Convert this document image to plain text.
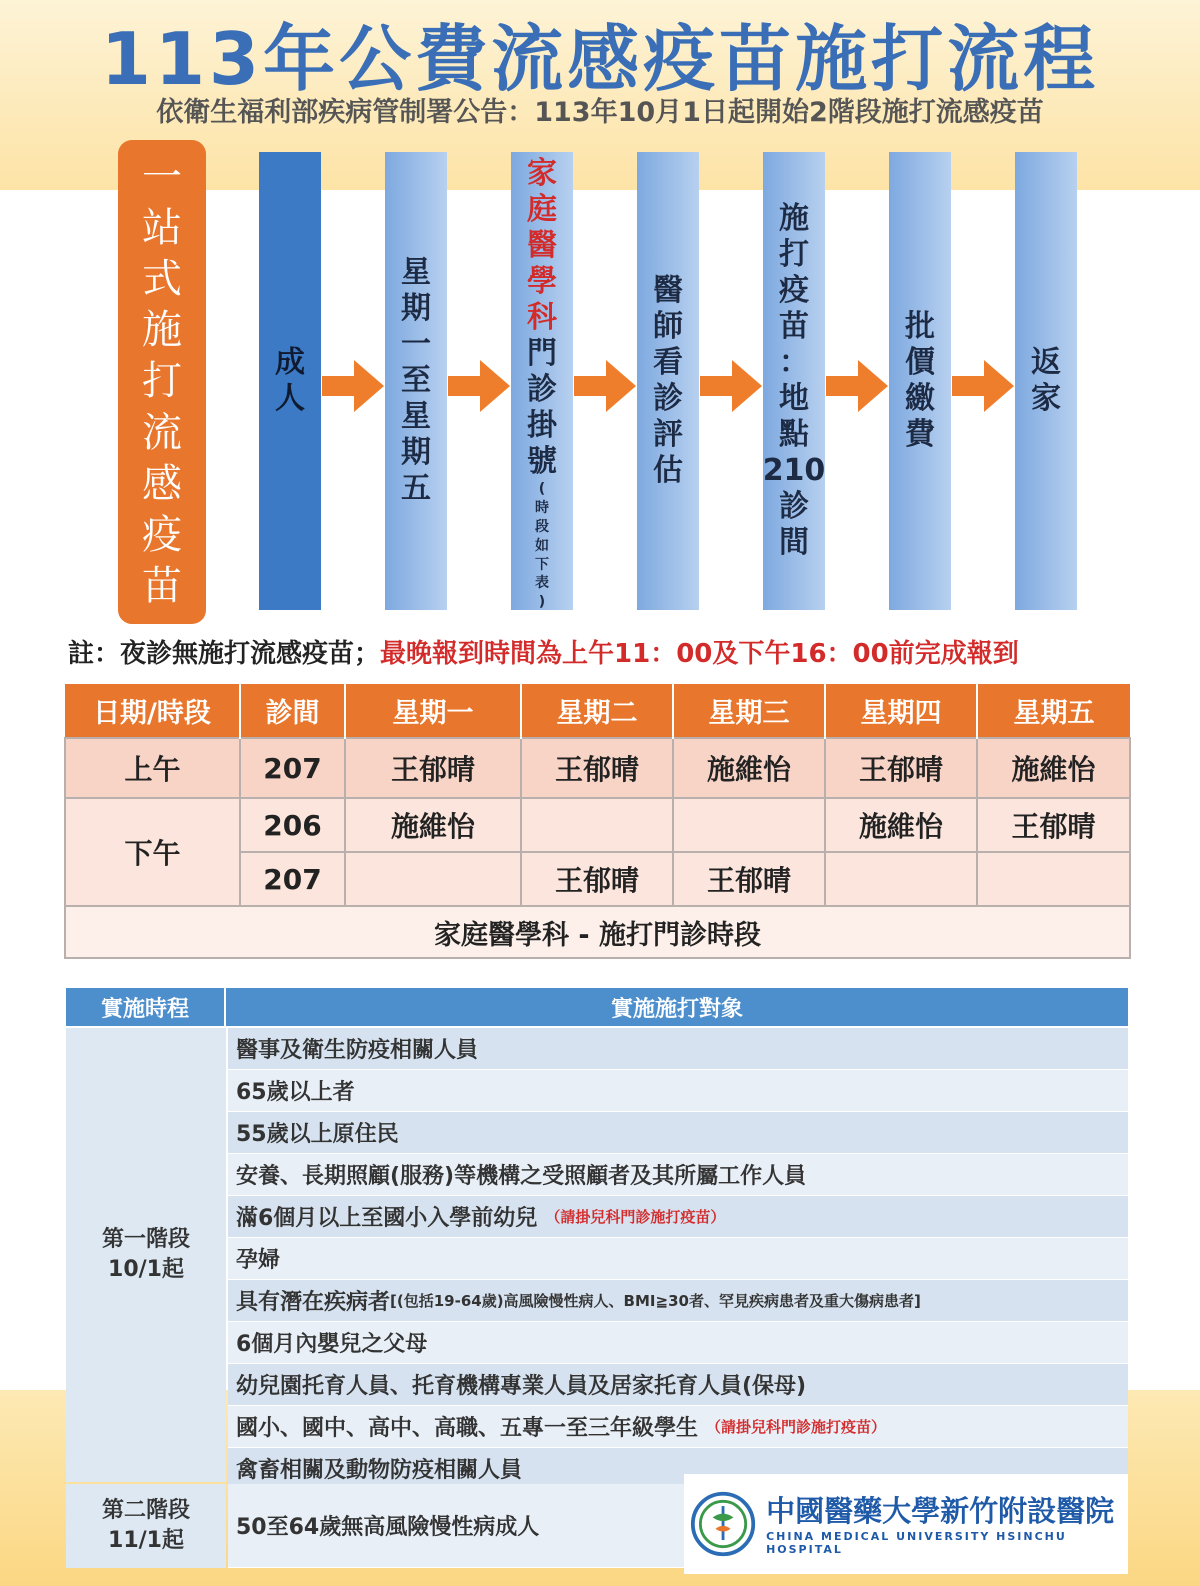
113年公費流感疫苗施打流程
依衛生福利部疾病管制署公告：113年10月1日起開始2階段施打流感疫苗
一
站
式
施
打
流
感
疫
苗
成
人
星
期
一
至
星
期
五
家
庭
醫
學
科
門
診
掛
號
(
時
段
如
下
表
)
醫
師
看
診
評
估
施
打
疫
苗
：
地
點
210
診
間
批
價
繳
費
返
家
註：夜診無施打流感疫苗；最晚報到時間為上午11：00及下午16：00前完成報到
日期/時段	診間	星期一	星期二	星期三	星期四	星期五
上午	207	王郁晴	王郁晴	施維怡	王郁晴	施維怡
下午	206	施維怡			施維怡	王郁晴
	207		王郁晴	王郁晴		
家庭醫學科 - 施打門診時段						
實施時程	實施施打對象
第一階段
10/1起
醫事及衛生防疫相關人員
65歲以上者
55歲以上原住民
安養、長期照顧(服務)等機構之受照顧者及其所屬工作人員
滿6個月以上至國小入學前幼兒 （請掛兒科門診施打疫苗）
孕婦
具有潛在疾病者 [(包括19-64歲)高風險慢性病人、BMI≧30者、罕見疾病患者及重大傷病患者]
6個月內嬰兒之父母
幼兒園托育人員、托育機構專業人員及居家托育人員(保母)
國小、國中、高中、高職、五專一至三年級學生 （請掛兒科門診施打疫苗）
禽畜相關及動物防疫相關人員
第二階段
11/1起
50至64歲無高風險慢性病成人	中國醫藥大學新竹附設醫院
CHINA MEDICAL UNIVERSITY HSINCHU HOSPITAL
